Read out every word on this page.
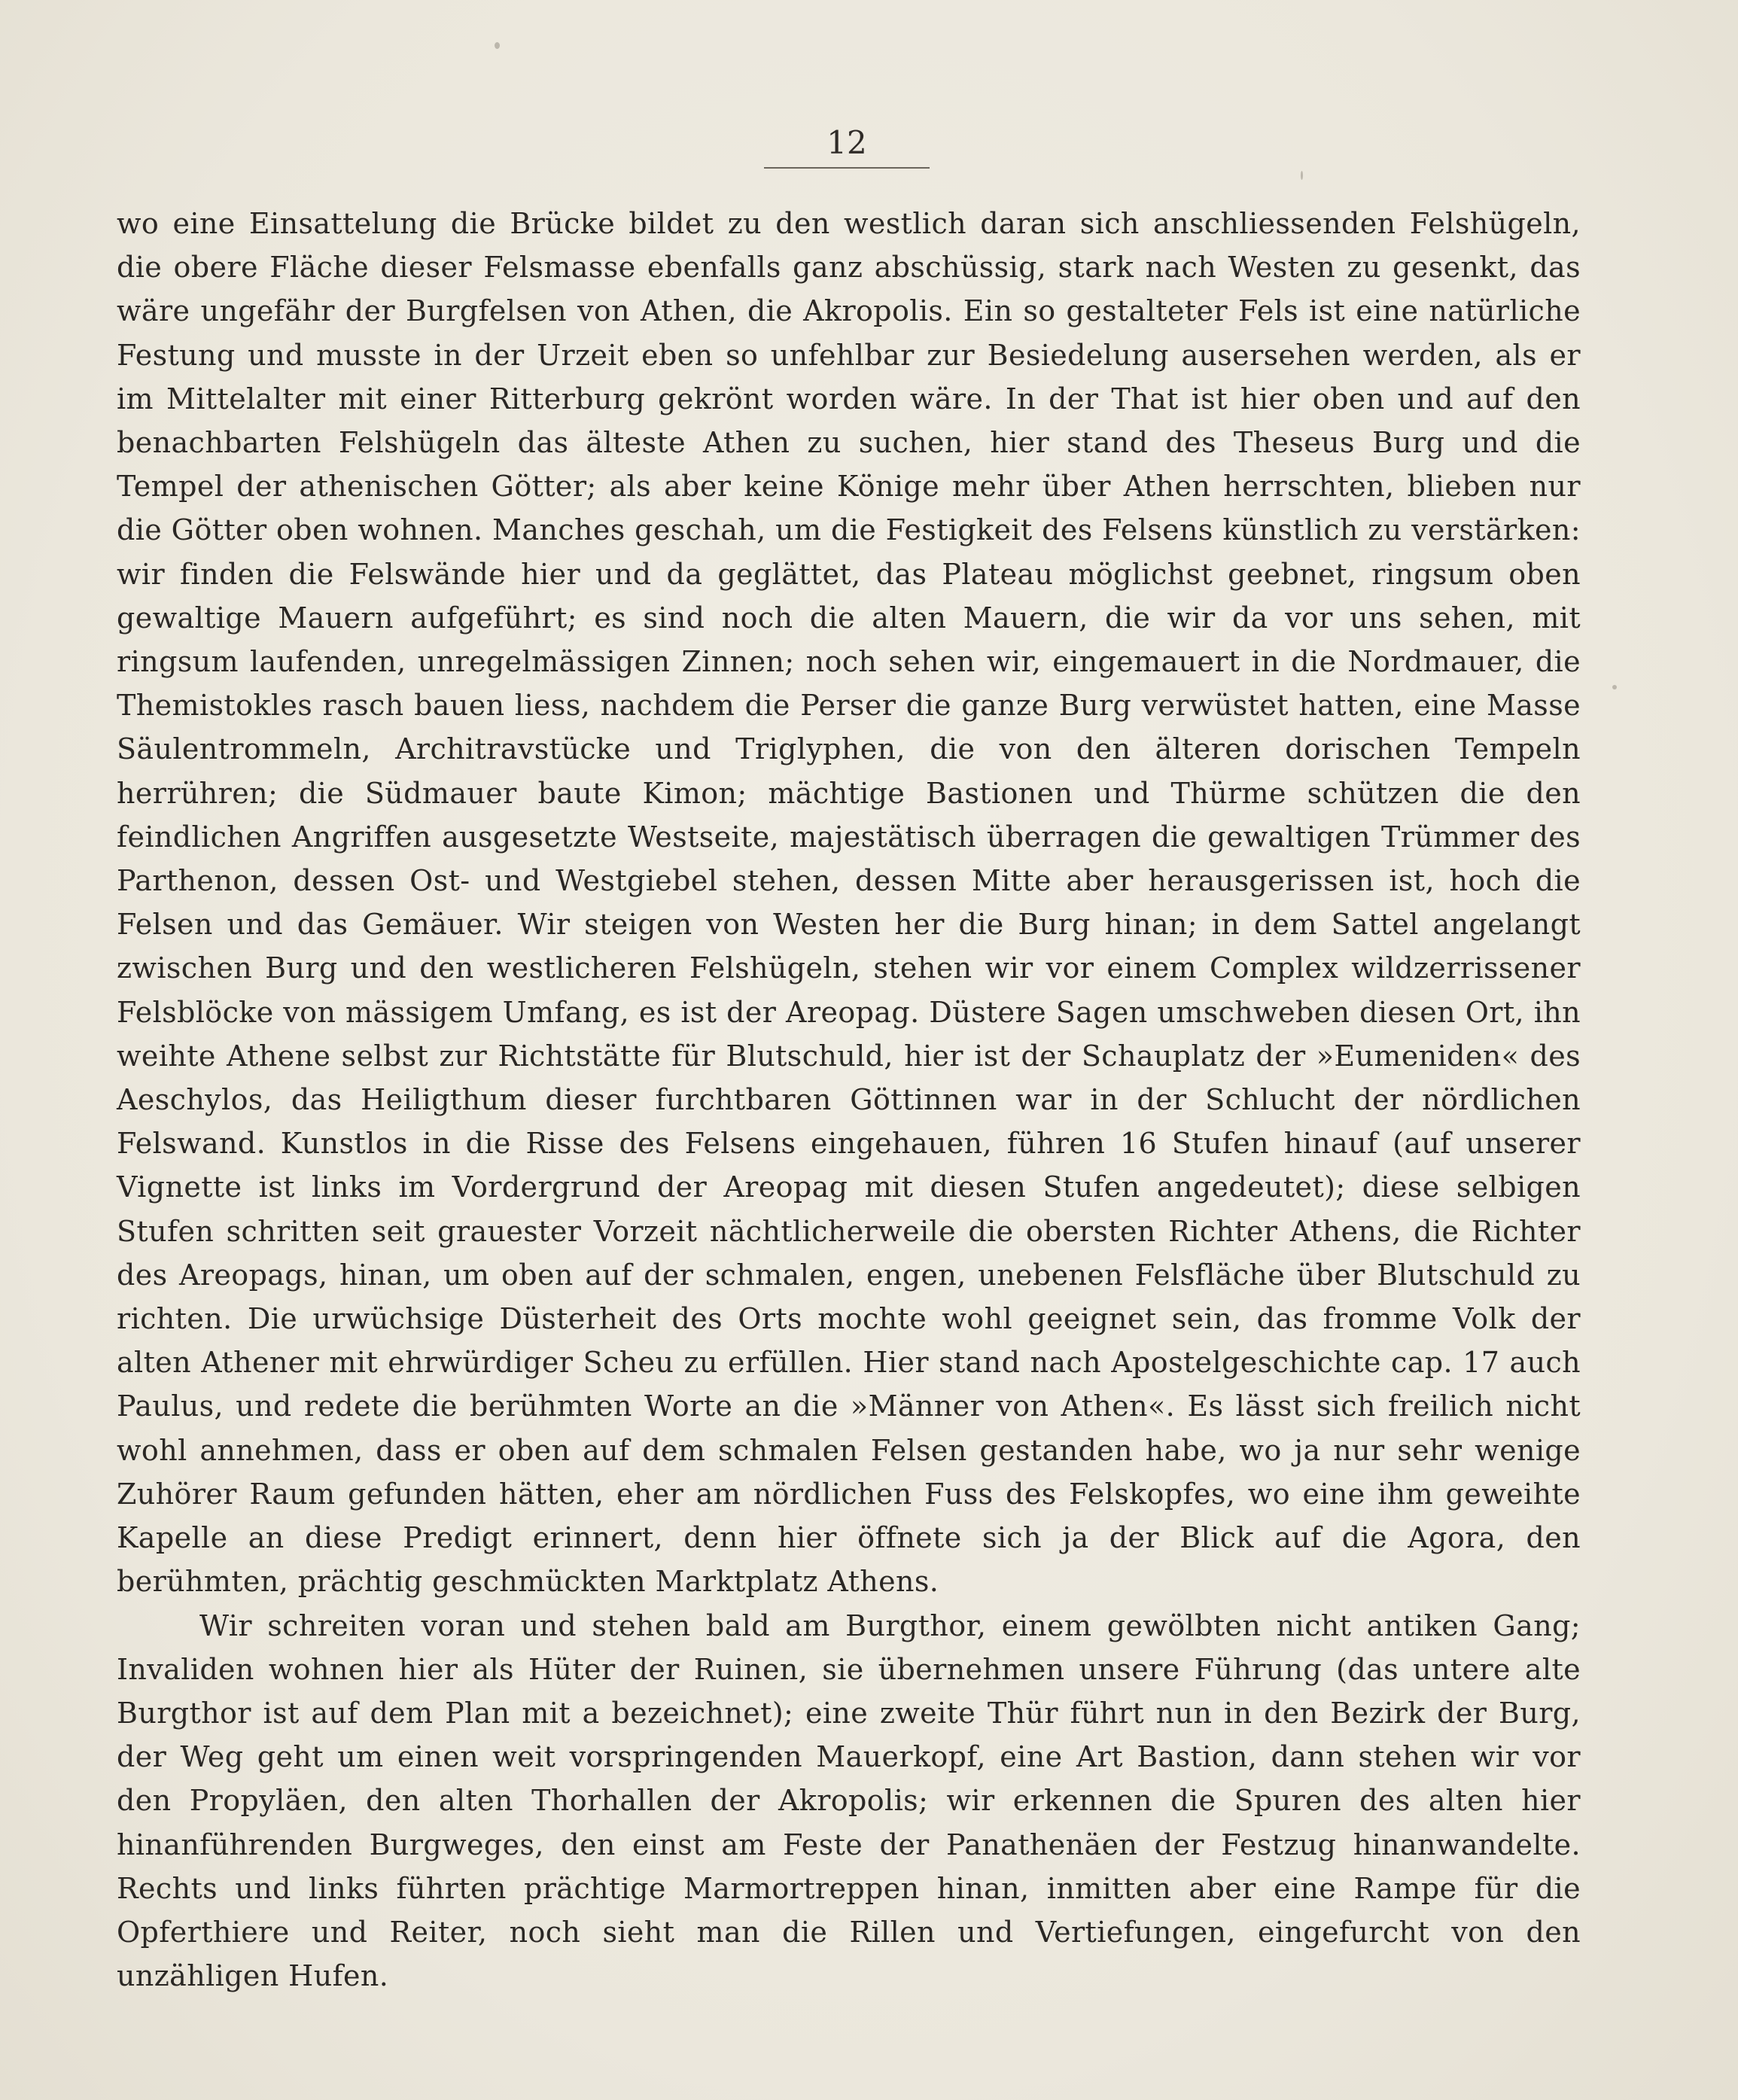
12

wo eine Einsattelung die Brücke bildet zu den westlich daran sich anschliessenden Felshügeln, die obere Fläche dieser Felsmasse ebenfalls ganz abschüssig, stark nach Westen zu gesenkt, das wäre ungefähr der Burgfelsen von Athen, die Akropolis. Ein so gestalteter Fels ist eine natürliche Festung und musste in der Urzeit eben so unfehlbar zur Besiedelung ausersehen werden, als er im Mittelalter mit einer Ritterburg gekrönt worden wäre. In der That ist hier oben und auf den benachbarten Felshügeln das älteste Athen zu suchen, hier stand des Theseus Burg und die Tempel der athenischen Götter; als aber keine Könige mehr über Athen herrschten, blieben nur die Götter oben wohnen. Manches geschah, um die Festigkeit des Felsens künstlich zu verstärken: wir finden die Felswände hier und da geglättet, das Plateau möglichst geebnet, ringsum oben gewaltige Mauern aufgeführt; es sind noch die alten Mauern, die wir da vor uns sehen, mit ringsum laufenden, unregelmässigen Zinnen; noch sehen wir, eingemauert in die Nordmauer, die Themistokles rasch bauen liess, nachdem die Perser die ganze Burg verwüstet hatten, eine Masse Säulentrommeln, Architravstücke und Triglyphen, die von den älteren dorischen Tempeln herrühren; die Südmauer baute Kimon; mächtige Bastionen und Thürme schützen die den feindlichen Angriffen ausgesetzte Westseite, majestätisch überragen die gewaltigen Trümmer des Parthenon, dessen Ost- und Westgiebel stehen, dessen Mitte aber herausgerissen ist, hoch die Felsen und das Gemäuer. Wir steigen von Westen her die Burg hinan; in dem Sattel angelangt zwischen Burg und den westlicheren Felshügeln, stehen wir vor einem Complex wildzerrissener Felsblöcke von mässigem Umfang, es ist der Areopag. Düstere Sagen umschweben diesen Ort, ihn weihte Athene selbst zur Richtstätte für Blutschuld, hier ist der Schauplatz der »Eumeniden« des Aeschylos, das Heiligthum dieser furchtbaren Göttinnen war in der Schlucht der nördlichen Felswand. Kunstlos in die Risse des Felsens eingehauen, führen 16 Stufen hinauf (auf unserer Vignette ist links im Vordergrund der Areopag mit diesen Stufen angedeutet); diese selbigen Stufen schritten seit grauester Vorzeit nächtlicherweile die obersten Richter Athens, die Richter des Areopags, hinan, um oben auf der schmalen, engen, unebenen Felsfläche über Blutschuld zu richten. Die urwüchsige Düsterheit des Orts mochte wohl geeignet sein, das fromme Volk der alten Athener mit ehrwürdiger Scheu zu erfüllen. Hier stand nach Apostelgeschichte cap. 17 auch Paulus, und redete die berühmten Worte an die »Männer von Athen«. Es lässt sich freilich nicht wohl annehmen, dass er oben auf dem schmalen Felsen gestanden habe, wo ja nur sehr wenige Zuhörer Raum gefunden hätten, eher am nördlichen Fuss des Felskopfes, wo eine ihm geweihte Kapelle an diese Predigt erinnert, denn hier öffnete sich ja der Blick auf die Agora, den berühmten, prächtig geschmückten Marktplatz Athens.

Wir schreiten voran und stehen bald am Burgthor, einem gewölbten nicht antiken Gang; Invaliden wohnen hier als Hüter der Ruinen, sie übernehmen unsere Führung (das untere alte Burgthor ist auf dem Plan mit a bezeichnet); eine zweite Thür führt nun in den Bezirk der Burg, der Weg geht um einen weit vorspringenden Mauerkopf, eine Art Bastion, dann stehen wir vor den Propyläen, den alten Thorhallen der Akropolis; wir erkennen die Spuren des alten hier hinanführenden Burgweges, den einst am Feste der Panathenäen der Festzug hinanwandelte. Rechts und links führten prächtige Marmortreppen hinan, inmitten aber eine Rampe für die Opferthiere und Reiter, noch sieht man die Rillen und Vertiefungen, eingefurcht von den unzähligen Hufen.
